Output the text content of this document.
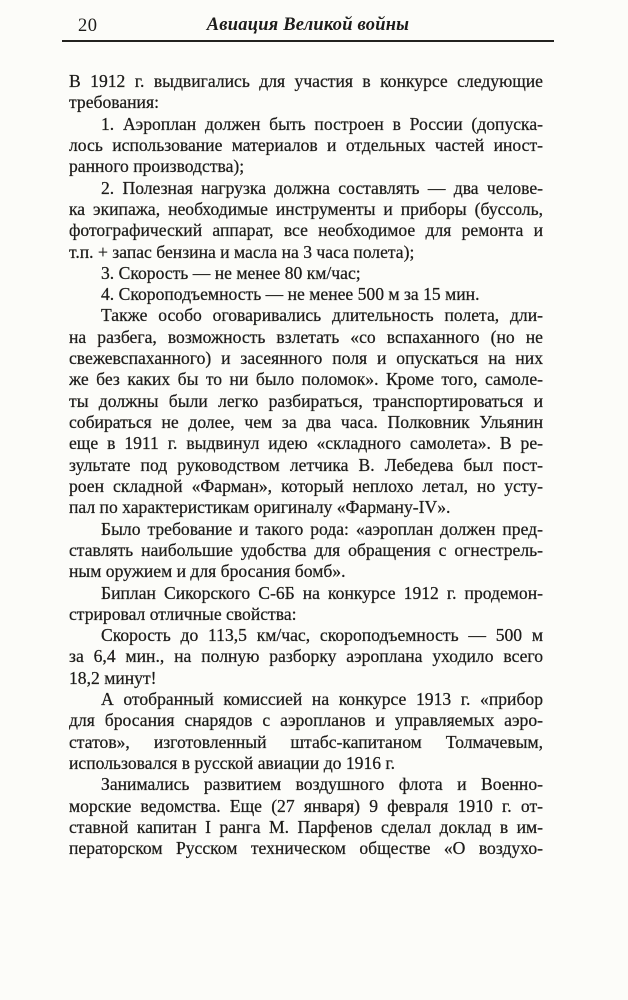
20	Авиация Великой войны
В 1912 г. выдвигались для участия в конкурсе следующие
требования:
1. Аэроплан должен быть построен в России (допуска-
лось использование материалов и отдельных частей иност-
ранного производства);
2. Полезная нагрузка должна составлять — два челове-
ка экипажа, необходимые инструменты и приборы (буссоль,
фотографический аппарат, все необходимое для ремонта и
т.п. + запас бензина и масла на 3 часа полета);
3. Скорость — не менее 80 км/час;
4. Скороподъемность — не менее 500 м за 15 мин.
Также особо оговаривались длительность полета, дли-
на разбега, возможность взлетать «со вспаханного (но не
свежевспаханного) и засеянного поля и опускаться на них
же без каких бы то ни было поломок». Кроме того, самоле-
ты должны были легко разбираться, транспортироваться и
собираться не долее, чем за два часа. Полковник Ульянин
еще в 1911 г. выдвинул идею «складного самолета». В ре-
зультате под руководством летчика В. Лебедева был пост-
роен складной «Фарман», который неплохо летал, но усту-
пал по характеристикам оригиналу «Фарману-IV».
Было требование и такого рода: «аэроплан должен пред-
ставлять наибольшие удобства для обращения с огнестрель-
ным оружием и для бросания бомб».
Биплан Сикорского С-6Б на конкурсе 1912 г. продемон-
стрировал отличные свойства:
Скорость до 113,5 км/час, скороподъемность — 500 м
за 6,4 мин., на полную разборку аэроплана уходило всего
18,2 минут!
А отобранный комиссией на конкурсе 1913 г. «прибор
для бросания снарядов с аэропланов и управляемых аэро-
статов», изготовленный штабс-капитаном Толмачевым,
использовался в русской авиации до 1916 г.
Занимались развитием воздушного флота и Военно-
морские ведомства. Еще (27 января) 9 февраля 1910 г. от-
ставной капитан I ранга М. Парфенов сделал доклад в им-
ператорском Русском техническом обществе «О воздухо-
